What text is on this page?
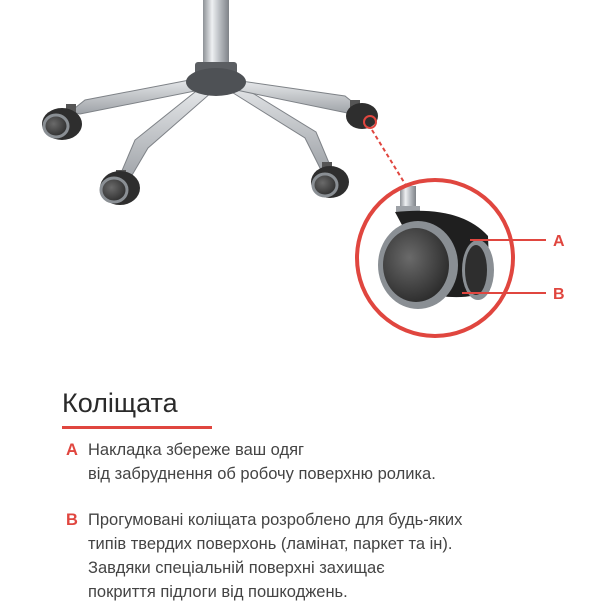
A
B
Коліщата
A Накладка збереже ваш одяг
від забруднення об робочу поверхню ролика.
B Прогумовані коліщата розроблено для будь-яких
типів твердих поверхонь (ламінат, паркет та ін).
Завдяки спеціальній поверхні захищає
покриття підлоги від пошкоджень.
